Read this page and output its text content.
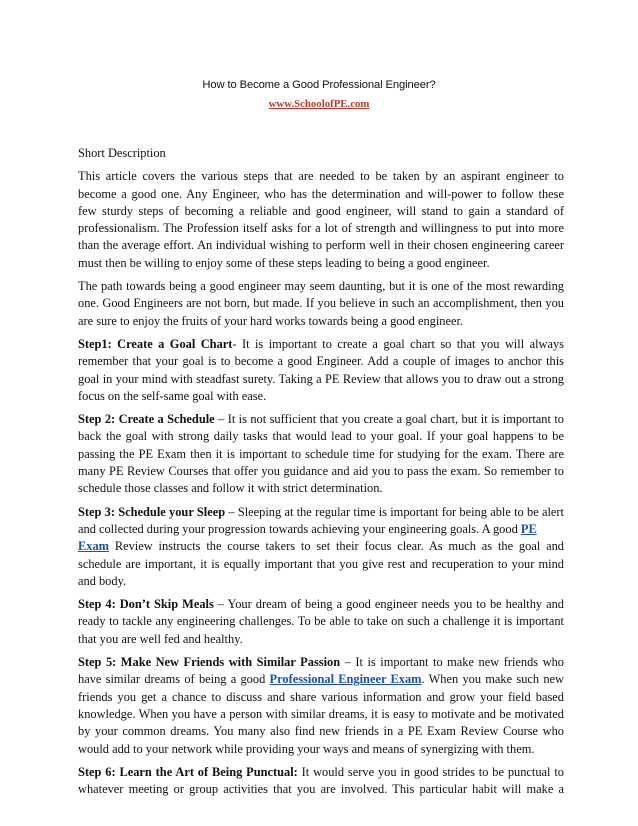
How to Become a Good Professional Engineer?
www.SchoolofPE.com
Short Description
This article covers the various steps that are needed to be taken by an aspirant engineer to
become a good one. Any Engineer, who has the determination and will-power to follow these
few sturdy steps of becoming a reliable and good engineer, will stand to gain a standard of
professionalism. The Profession itself asks for a lot of strength and willingness to put into more
than the average effort. An individual wishing to perform well in their chosen engineering career
must then be willing to enjoy some of these steps leading to being a good engineer.
The path towards being a good engineer may seem daunting, but it is one of the most rewarding
one. Good Engineers are not born, but made. If you believe in such an accomplishment, then you
are sure to enjoy the fruits of your hard works towards being a good engineer.
Step1: Create a Goal Chart- It is important to create a goal chart so that you will always
remember that your goal is to become a good Engineer. Add a couple of images to anchor this
goal in your mind with steadfast surety. Taking a PE Review that allows you to draw out a strong
focus on the self-same goal with ease.
Step 2: Create a Schedule – It is not sufficient that you create a goal chart, but it is important to
back the goal with strong daily tasks that would lead to your goal. If your goal happens to be
passing the PE Exam then it is important to schedule time for studying for the exam. There are
many PE Review Courses that offer you guidance and aid you to pass the exam. So remember to
schedule those classes and follow it with strict determination.
Step 3: Schedule your Sleep – Sleeping at the regular time is important for being able to be alert
and collected during your progression towards achieving your engineering goals. A good PE
Exam Review instructs the course takers to set their focus clear. As much as the goal and
schedule are important, it is equally important that you give rest and recuperation to your mind
and body.
Step 4: Don’t Skip Meals – Your dream of being a good engineer needs you to be healthy and
ready to tackle any engineering challenges. To be able to take on such a challenge it is important
that you are well fed and healthy.
Step 5: Make New Friends with Similar Passion – It is important to make new friends who
have similar dreams of being a good Professional Engineer Exam. When you make such new
friends you get a chance to discuss and share various information and grow your field based
knowledge. When you have a person with similar dreams, it is easy to motivate and be motivated
by your common dreams. You many also find new friends in a PE Exam Review Course who
would add to your network while providing your ways and means of synergizing with them.
Step 6: Learn the Art of Being Punctual: It would serve you in good strides to be punctual to
whatever meeting or group activities that you are involved. This particular habit will make a
